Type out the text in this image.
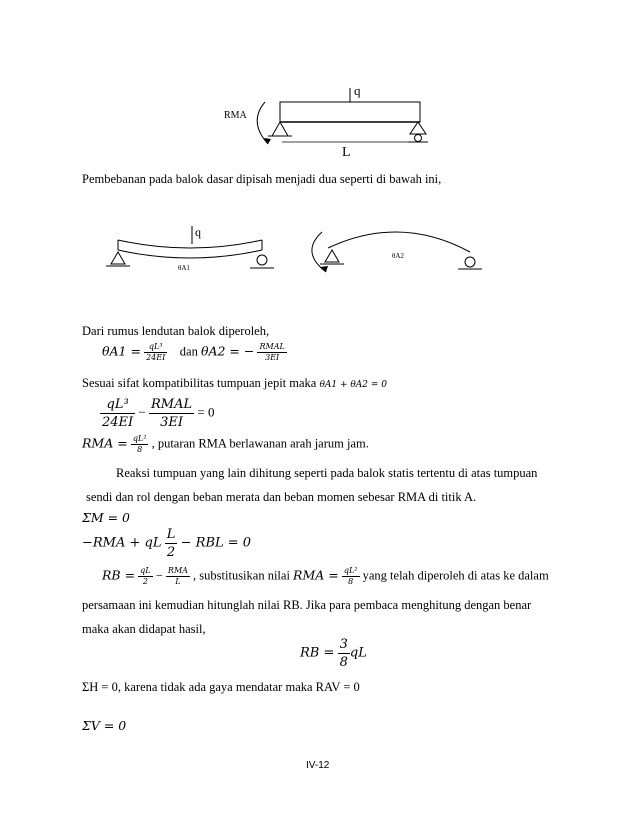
q
RMA
L
Pembebanan pada balok dasar dipisah menjadi dua seperti di bawah ini,
q
θA1
θA2
Dari rumus lendutan balok diperoleh,
$\theta A1 = \frac{\text{qL³}}{24EI}$ dan θA2 = − $\frac{\text{RMAL}}{3EI}$
Sesuai sifat kompatibilitas tumpuan jepit maka θA1 + θA2 = 0
$\frac{\text{qL³}}{24EI} - \frac{\text{RMAL}}{3EI} = 0$
RMA = $\frac{\text{qL²}}{8}$ , putaran RMA berlawanan arah jarum jam.
Reaksi tumpuan yang lain dihitung seperti pada balok statis tertentu di atas tumpuan
sendi dan rol dengan beban merata dan beban momen sebesar RMA di titik A.
ΣM = 0
−RMA + qL $\frac{L}{2}$ − RBL = 0
RB = $\frac{qL}{2} - \frac{\text{RMA}}{L}$ , substitusikan nilai RMA = $\frac{\text{qL²}}{8}$ yang telah diperoleh di atas ke dalam
persamaan ini kemudian hitunglah nilai RB. Jika para pembaca menghitung dengan benar
maka akan didapat hasil,
RB = $\frac{3}{8}$ qL
ΣH = 0, karena tidak ada gaya mendatar maka RAV = 0
ΣV = 0
IV-12
